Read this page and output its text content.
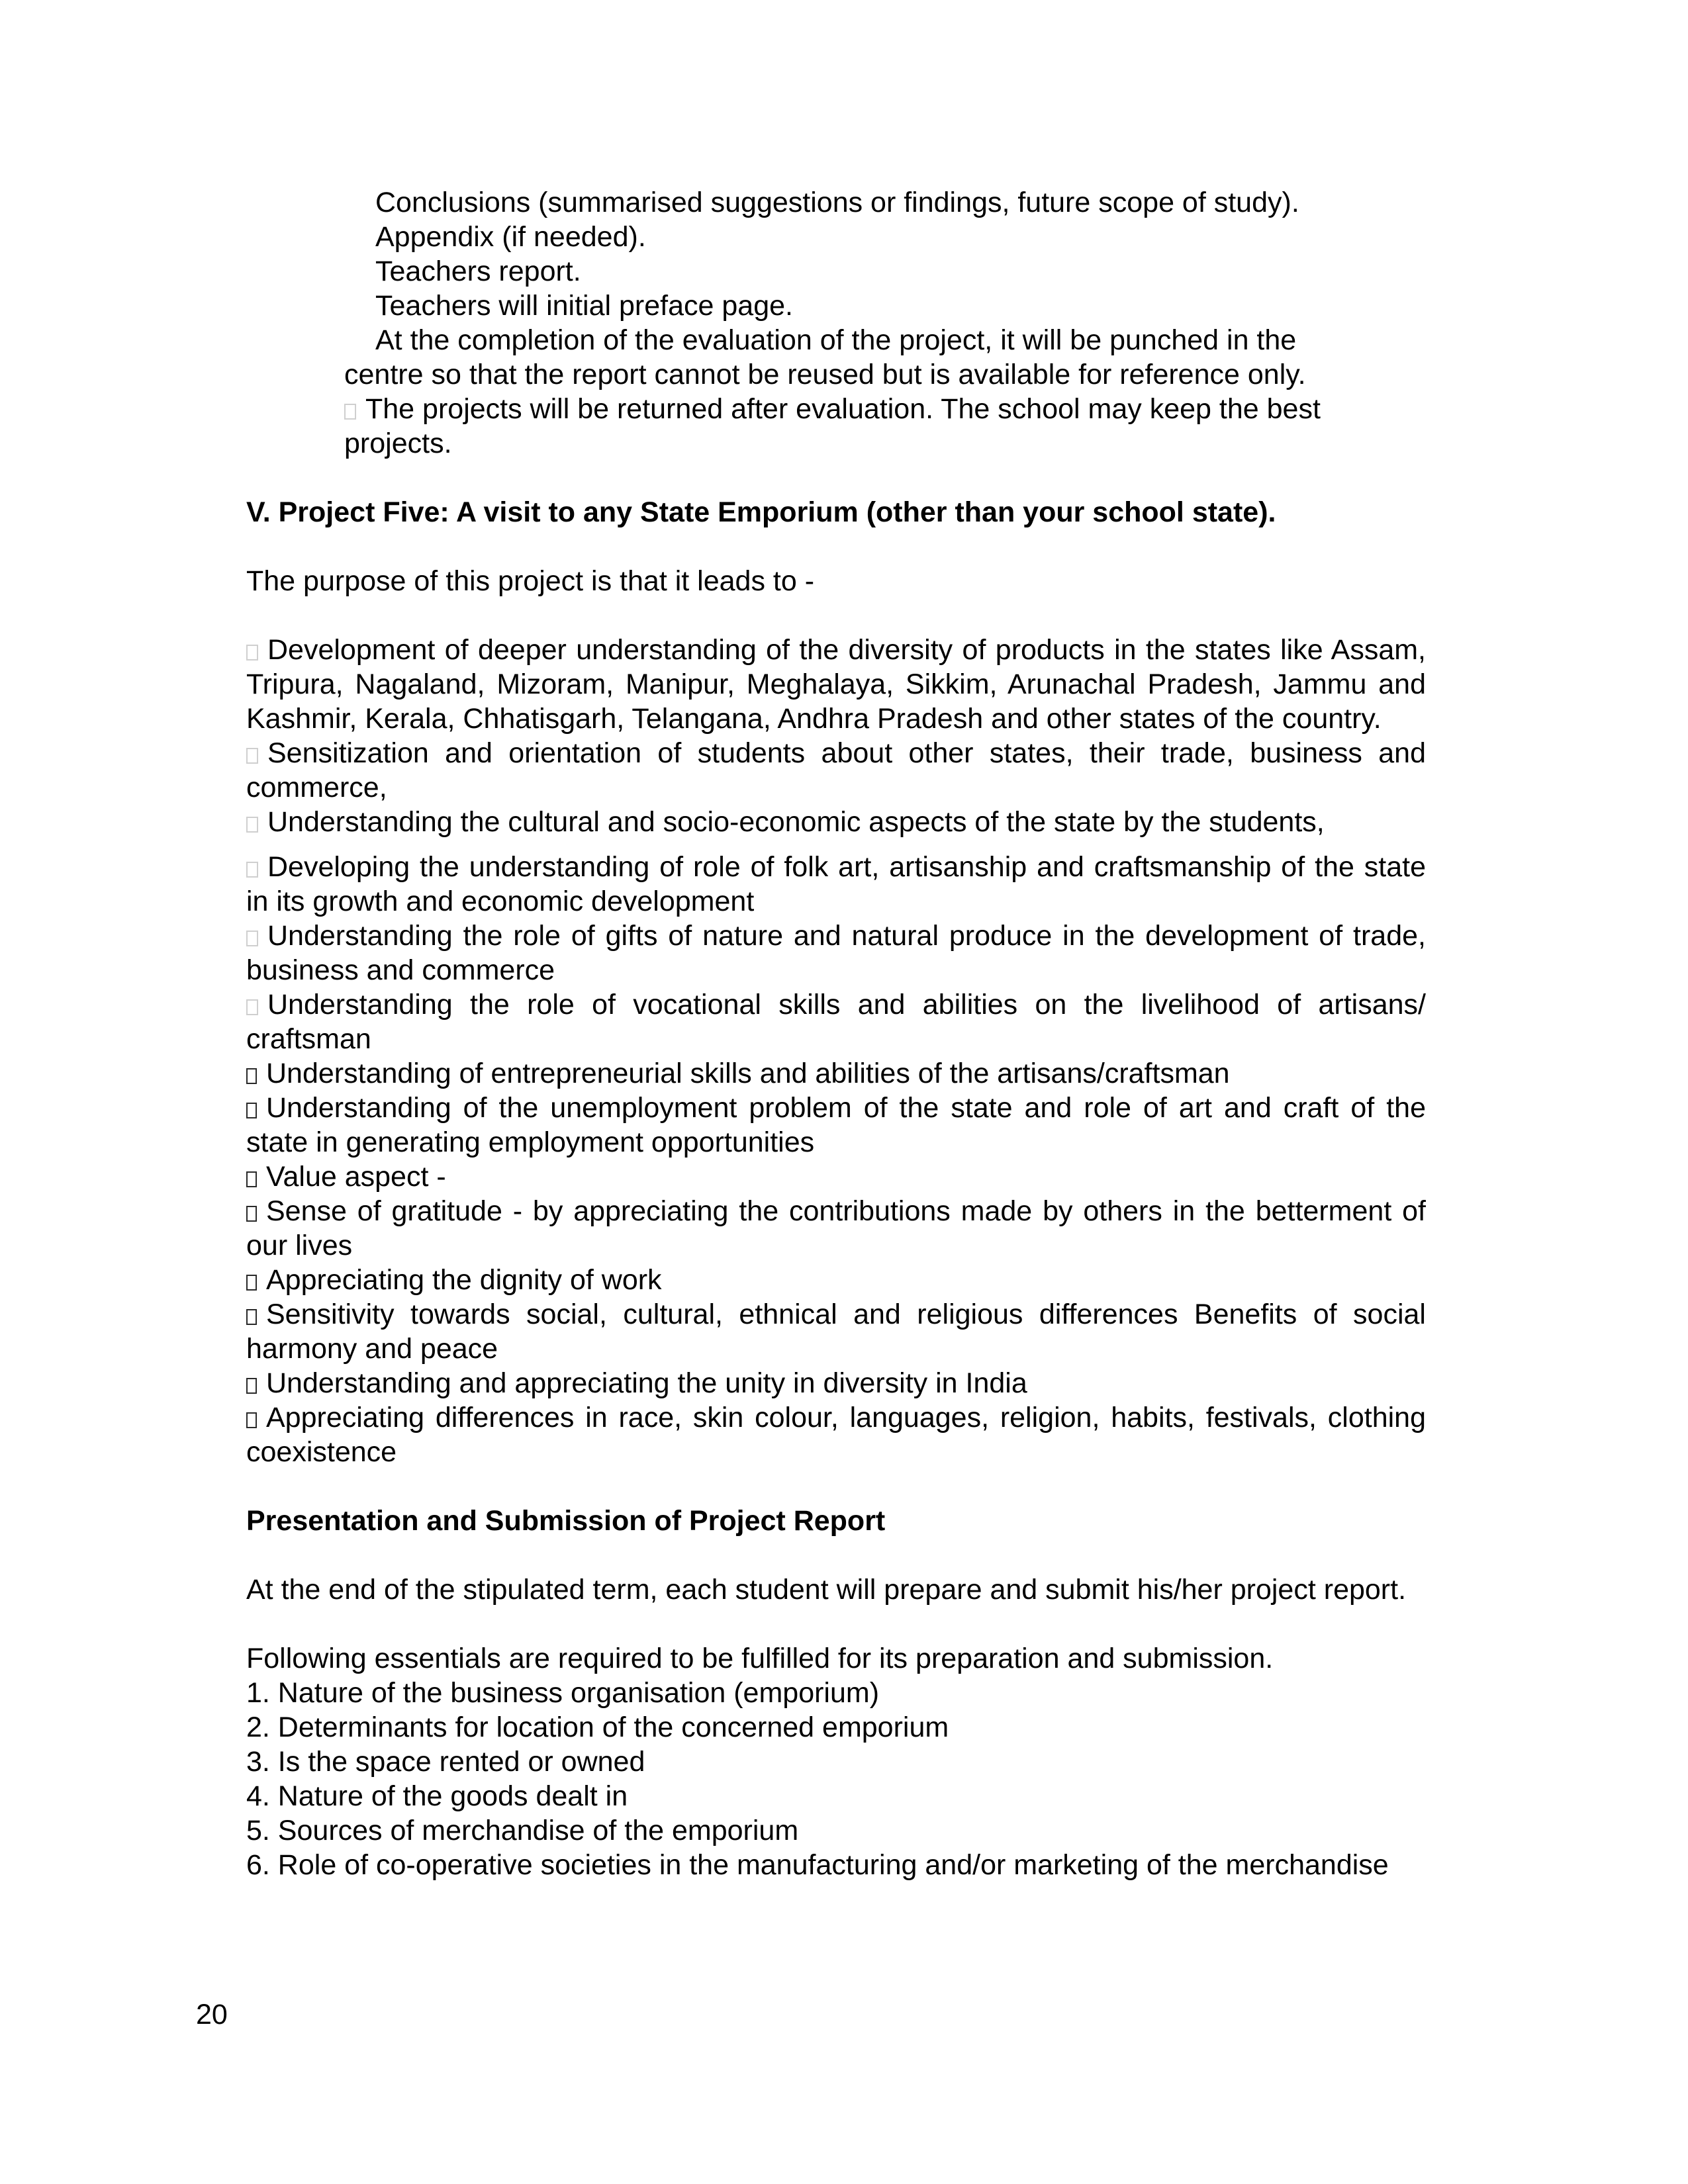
Conclusions (summarised suggestions or findings, future scope of study).
Appendix (if needed).
Teachers report.
Teachers will initial preface page.
At the completion of the evaluation of the project, it will be punched in the
centre so that the report cannot be reused but is available for reference only.
The projects will be returned after evaluation. The school may keep the best projects.
V. Project Five: A visit to any State Emporium (other than your school state).
The purpose of this project is that it leads to -
Development of deeper understanding of the diversity of products in the states like Assam, Tripura, Nagaland, Mizoram, Manipur, Meghalaya, Sikkim, Arunachal Pradesh, Jammu and Kashmir, Kerala, Chhatisgarh, Telangana, Andhra Pradesh and other states of the country.
Sensitization and orientation of students about other states, their trade, business and commerce,
Understanding the cultural and socio-economic aspects of the state by the students,
Developing the understanding of role of folk art, artisanship and craftsmanship of the state in its growth and economic development
Understanding the role of gifts of nature and natural produce in the development of trade, business and commerce
Understanding the role of vocational skills and abilities on the livelihood of artisans/ craftsman
Understanding of entrepreneurial skills and abilities of the artisans/craftsman
Understanding of the unemployment problem of the state and role of art and craft of the state in generating employment opportunities
Value aspect -
Sense of gratitude - by appreciating the contributions made by others in the betterment of our lives
Appreciating the dignity of work
Sensitivity towards social, cultural, ethnical and religious differences Benefits of social harmony and peace
Understanding and appreciating the unity in diversity in India
Appreciating differences in race, skin colour, languages, religion, habits, festivals, clothing coexistence
Presentation and Submission of Project Report
At the end of the stipulated term, each student will prepare and submit his/her project report.
Following essentials are required to be fulfilled for its preparation and submission.
1. Nature of the business organisation (emporium)
2. Determinants for location of the concerned emporium
3. Is the space rented or owned
4. Nature of the goods dealt in
5. Sources of merchandise of the emporium
6. Role of co-operative societies in the manufacturing and/or marketing of the merchandise
20
